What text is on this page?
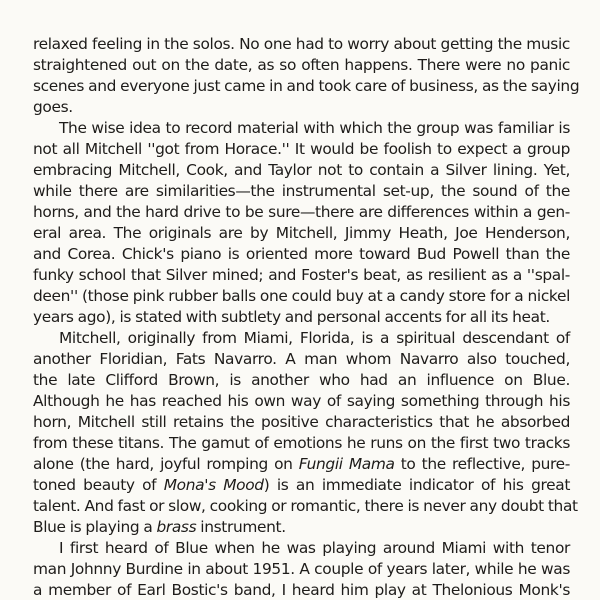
relaxed feeling in the solos. No one had to worry about getting the music
straightened out on the date, as so often happens. There were no panic
scenes and everyone just came in and took care of business, as the saying
goes.
The wise idea to record material with which the group was familiar is
not all Mitchell ''got from Horace.'' It would be foolish to expect a group
embracing Mitchell, Cook, and Taylor not to contain a Silver lining. Yet,
while there are similarities—the instrumental set-up, the sound of the
horns, and the hard drive to be sure—there are differences within a gen-
eral area. The originals are by Mitchell, Jimmy Heath, Joe Henderson,
and Corea. Chick's piano is oriented more toward Bud Powell than the
funky school that Silver mined; and Foster's beat, as resilient as a ''spal-
deen'' (those pink rubber balls one could buy at a candy store for a nickel
years ago), is stated with subtlety and personal accents for all its heat.
Mitchell, originally from Miami, Florida, is a spiritual descendant of
another Floridian, Fats Navarro. A man whom Navarro also touched,
the late Clifford Brown, is another who had an influence on Blue.
Although he has reached his own way of saying something through his
horn, Mitchell still retains the positive characteristics that he absorbed
from these titans. The gamut of emotions he runs on the first two tracks
alone (the hard, joyful romping on Fungii Mama to the reflective, pure-
toned beauty of Mona's Mood) is an immediate indicator of his great
talent. And fast or slow, cooking or romantic, there is never any doubt that
Blue is playing a brass instrument.
I first heard of Blue when he was playing around Miami with tenor
man Johnny Burdine in about 1951. A couple of years later, while he was
a member of Earl Bostic's band, I heard him play at Thelonious Monk's
